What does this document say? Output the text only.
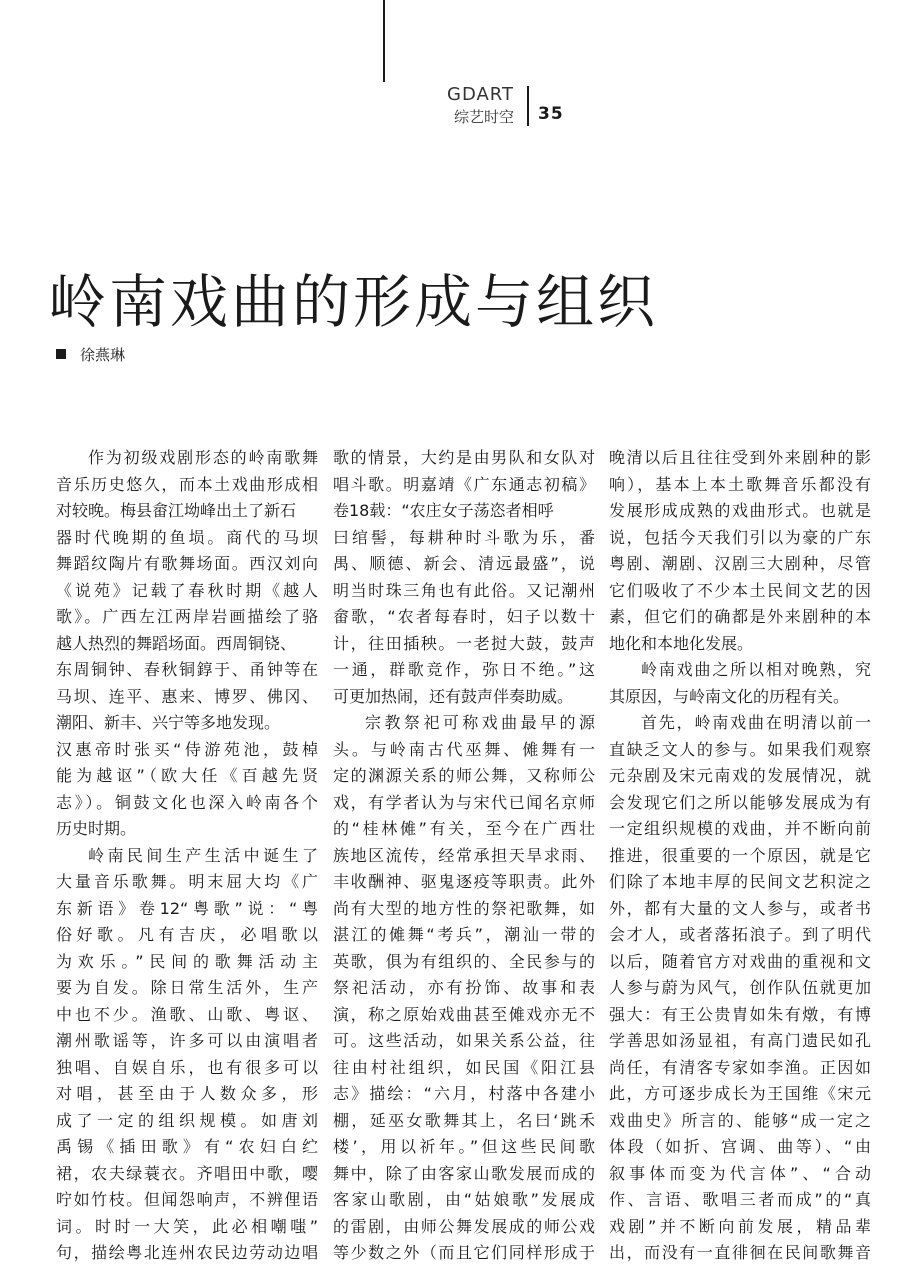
GDART
综艺时空 35
岭南戏曲的形成与组织
徐燕琳
作为初级戏剧形态的岭南歌舞
音乐历史悠久，而本土戏曲形成相
对较晚。梅县畲江坳峰出土了新石
器时代晚期的鱼埙。商代的马坝
舞蹈纹陶片有歌舞场面。西汉刘向
《说苑》记载了春秋时期《越人
歌》。广西左江两岸岩画描绘了骆
越人热烈的舞蹈场面。西周铜铙、
东周铜钟、春秋铜錞于、甬钟等在
马坝、连平、惠来、博罗、佛冈、
潮阳、新丰、兴宁等多地发现。
汉惠帝时张买“侍游苑池，鼓棹
能为越讴”（欧大任《百越先贤
志》）。铜鼓文化也深入岭南各个
历史时期。
岭南民间生产生活中诞生了
大量音乐歌舞。明末屈大均《广
东新语》卷12“粤歌”说：“粤
俗好歌。凡有吉庆，必唱歌以
为欢乐。”民间的歌舞活动主
要为自发。除日常生活外，生产
中也不少。渔歌、山歌、粤讴、
潮州歌谣等，许多可以由演唱者
独唱、自娱自乐，也有很多可以
对唱，甚至由于人数众多，形
成了一定的组织规模。如唐刘
禹锡《插田歌》有“农妇白纻
裙，农夫绿蓑衣。齐唱田中歌，嘤
咛如竹枝。但闻怨响声，不辨俚语
词。时时一大笑，此必相嘲嗤”
句，描绘粤北连州农民边劳动边唱
歌的情景，大约是由男队和女队对
唱斗歌。明嘉靖《广东通志初稿》
卷18载：“农庄女子荡恣者相呼
曰绾髻，每耕种时斗歌为乐，番
禺、顺德、新会、清远最盛”，说
明当时珠三角也有此俗。又记潮州
畲歌，“农者每春时，妇子以数十
计，往田插秧。一老挝大鼓，鼓声
一通，群歌竞作，弥日不绝。”这
可更加热闹，还有鼓声伴奏助威。
宗教祭祀可称戏曲最早的源
头。与岭南古代巫舞、傩舞有一
定的渊源关系的师公舞，又称师公
戏，有学者认为与宋代已闻名京师
的“桂林傩”有关，至今在广西壮
族地区流传，经常承担天旱求雨、
丰收酬神、驱鬼逐疫等职责。此外
尚有大型的地方性的祭祀歌舞，如
湛江的傩舞“考兵”，潮汕一带的
英歌，俱为有组织的、全民参与的
祭祀活动，亦有扮饰、故事和表
演，称之原始戏曲甚至傩戏亦无不
可。这些活动，如果关系公益，往
往由村社组织，如民国《阳江县
志》描绘：“六月，村落中各建小
棚，延巫女歌舞其上，名曰‘跳禾
楼’，用以祈年。”但这些民间歌
舞中，除了由客家山歌发展而成的
客家山歌剧，由“姑娘歌”发展成
的雷剧，由师公舞发展成的师公戏
等少数之外（而且它们同样形成于
晚清以后且往往受到外来剧种的影
响），基本上本土歌舞音乐都没有
发展形成成熟的戏曲形式。也就是
说，包括今天我们引以为豪的广东
粤剧、潮剧、汉剧三大剧种，尽管
它们吸收了不少本土民间文艺的因
素，但它们的确都是外来剧种的本
地化和本地化发展。
岭南戏曲之所以相对晚熟，究
其原因，与岭南文化的历程有关。
首先，岭南戏曲在明清以前一
直缺乏文人的参与。如果我们观察
元杂剧及宋元南戏的发展情况，就
会发现它们之所以能够发展成为有
一定组织规模的戏曲，并不断向前
推进，很重要的一个原因，就是它
们除了本地丰厚的民间文艺积淀之
外，都有大量的文人参与，或者书
会才人，或者落拓浪子。到了明代
以后，随着官方对戏曲的重视和文
人参与蔚为风气，创作队伍就更加
强大：有王公贵胄如朱有燉，有博
学善思如汤显祖，有高门遗民如孔
尚任，有清客专家如李渔。正因如
此，方可逐步成长为王国维《宋元
戏曲史》所言的、能够“成一定之
体段（如折、宫调、曲等）、“由
叙事体而变为代言体”、“合动
作、言语、歌唱三者而成”的“真
戏剧”并不断向前发展，精品辈
出，而没有一直徘徊在民间歌舞音
